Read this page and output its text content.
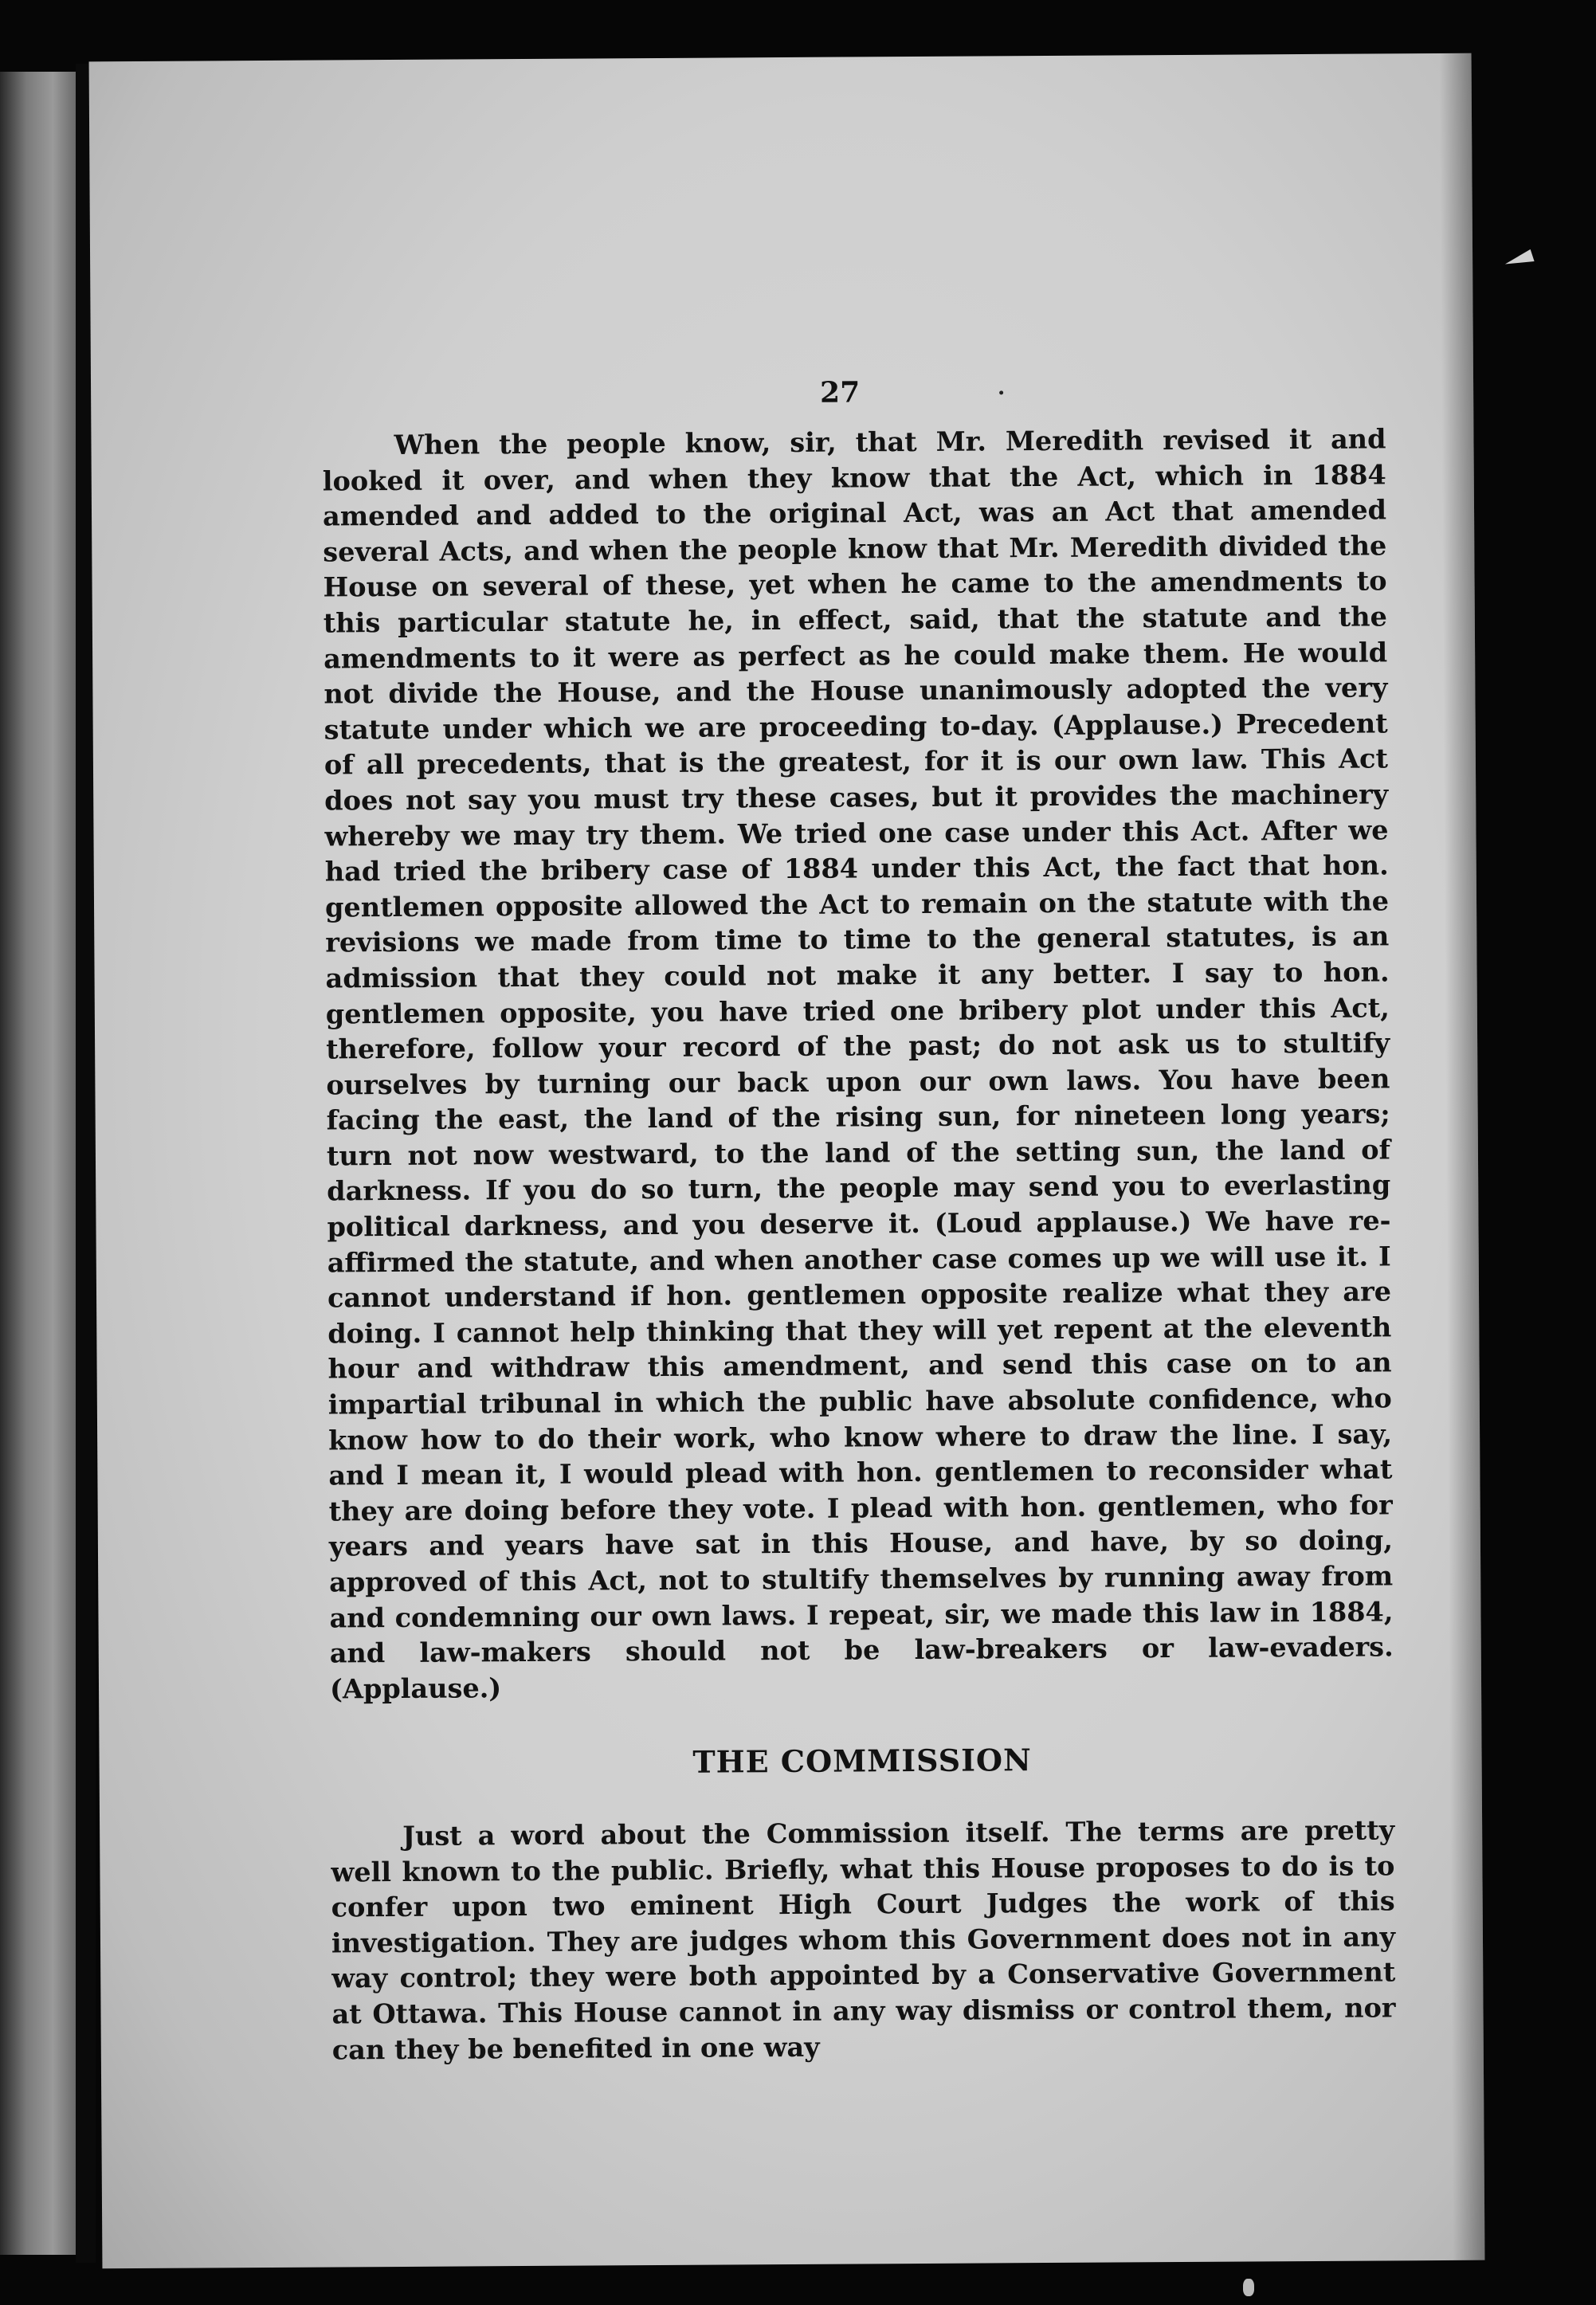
27

When the people know, sir, that Mr. Meredith revised it and looked it over, and when they know that the Act, which in 1884 amended and added to the original Act, was an Act that amended several Acts, and when the people know that Mr. Meredith divided the House on several of these, yet when he came to the amendments to this particular statute he, in effect, said, that the statute and the amendments to it were as perfect as he could make them. He would not divide the House, and the House unanimously adopted the very statute under which we are proceeding to-day. (Applause.) Precedent of all precedents, that is the greatest, for it is our own law. This Act does not say you must try these cases, but it provides the machinery whereby we may try them. We tried one case under this Act. After we had tried the bribery case of 1884 under this Act, the fact that hon. gentlemen opposite allowed the Act to remain on the statute with the revisions we made from time to time to the general statutes, is an admission that they could not make it any better. I say to hon. gentlemen opposite, you have tried one bribery plot under this Act, therefore, follow your record of the past; do not ask us to stultify ourselves by turning our back upon our own laws. You have been facing the east, the land of the rising sun, for nineteen long years; turn not now westward, to the land of the setting sun, the land of darkness. If you do so turn, the people may send you to everlasting political darkness, and you deserve it. (Loud applause.) We have re-affirmed the statute, and when another case comes up we will use it. I cannot understand if hon. gentlemen opposite realize what they are doing. I cannot help thinking that they will yet repent at the eleventh hour and withdraw this amendment, and send this case on to an impartial tribunal in which the public have absolute confidence, who know how to do their work, who know where to draw the line. I say, and I mean it, I would plead with hon. gentlemen to reconsider what they are doing before they vote. I plead with hon. gentlemen, who for years and years have sat in this House, and have, by so doing, approved of this Act, not to stultify themselves by running away from and condemning our own laws. I repeat, sir, we made this law in 1884, and law-makers should not be law-breakers or law-evaders. (Applause.)

THE COMMISSION

Just a word about the Commission itself. The terms are pretty well known to the public. Briefly, what this House proposes to do is to confer upon two eminent High Court Judges the work of this investigation. They are judges whom this Government does not in any way control; they were both appointed by a Conservative Government at Ottawa. This House cannot in any way dismiss or control them, nor can they be benefited in one way
